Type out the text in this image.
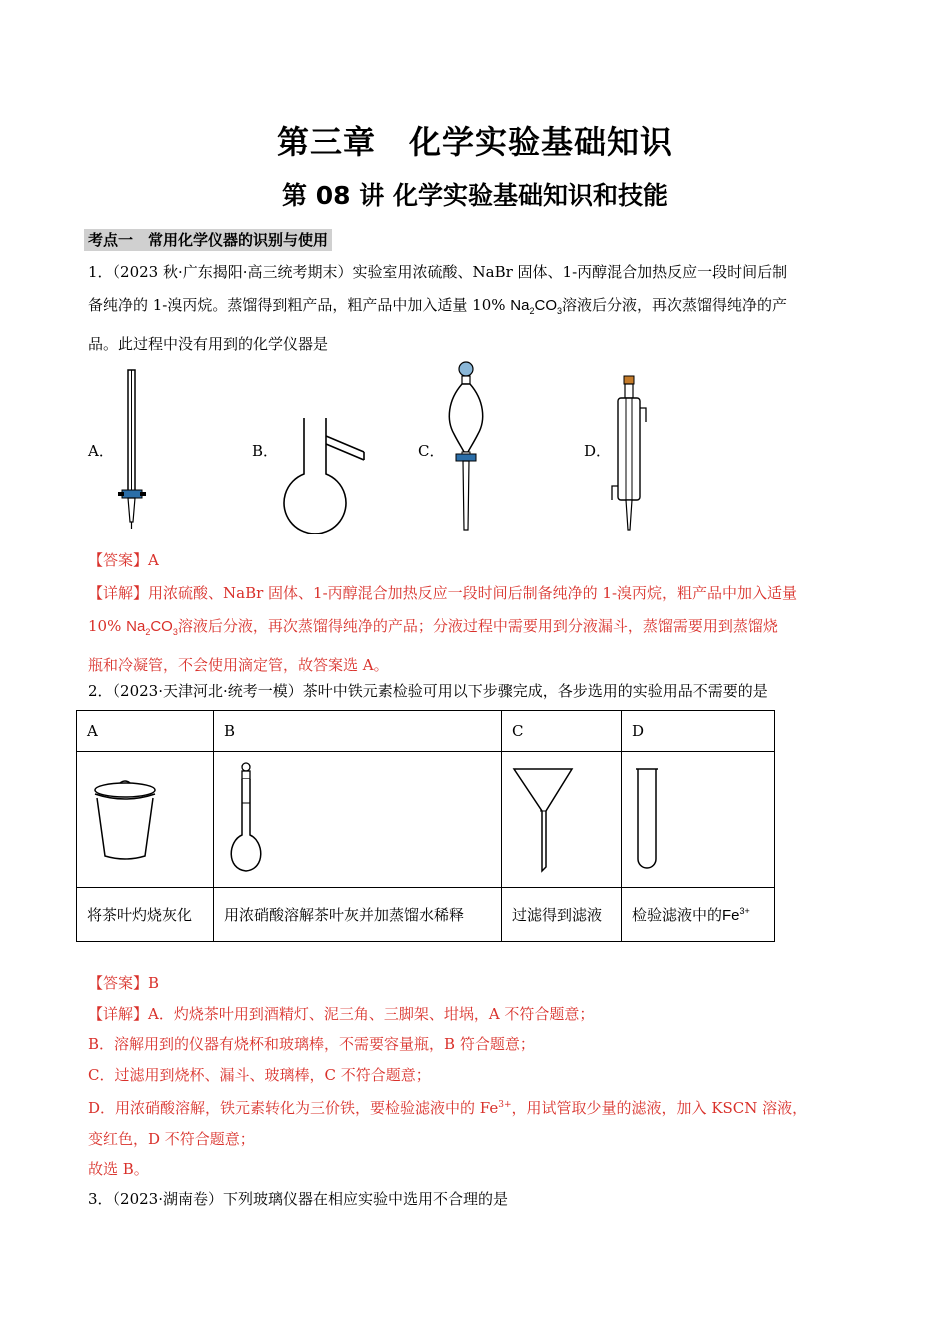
第三章　化学实验基础知识
第 08 讲 化学实验基础知识和技能
考点一　常用化学仪器的识别与使用
1．（2023 秋·广东揭阳·高三统考期末）实验室用浓硫酸、NaBr 固体、1-丙醇混合加热反应一段时间后制
备纯净的 1-溴丙烷。蒸馏得到粗产品，粗产品中加入适量 10% $Na_2CO_3$溶液后分液，再次蒸馏得纯净的产
品。此过程中没有用到的化学仪器是
A．	B．	C．	D．
【答案】A
【详解】用浓硫酸、NaBr 固体、1-丙醇混合加热反应一段时间后制备纯净的 1-溴丙烷，粗产品中加入适量
10% $Na_2CO_3$溶液后分液，再次蒸馏得纯净的产品；分液过程中需要用到分液漏斗，蒸馏需要用到蒸馏烧
瓶和冷凝管，不会使用滴定管，故答案选 A。
2．（2023·天津河北·统考一模）茶叶中铁元素检验可用以下步骤完成，各步选用的实验用品不需要的是
A	B	C	D

将茶叶灼烧灰化	用浓硝酸溶解茶叶灰并加蒸馏水稀释	过滤得到滤液	检验滤液中的$Fe^{3+}$
【答案】B
【详解】A．灼烧茶叶用到酒精灯、泥三角、三脚架、坩埚，A 不符合题意；
B．溶解用到的仪器有烧杯和玻璃棒，不需要容量瓶，B 符合题意；
C．过滤用到烧杯、漏斗、玻璃棒，C 不符合题意；
D．用浓硝酸溶解，铁元素转化为三价铁，要检验滤液中的 $Fe^{3+}$，用试管取少量的滤液，加入 KSCN 溶液，
变红色，D 不符合题意；
故选 B。
3．（2023·湖南卷）下列玻璃仪器在相应实验中选用不合理的是
